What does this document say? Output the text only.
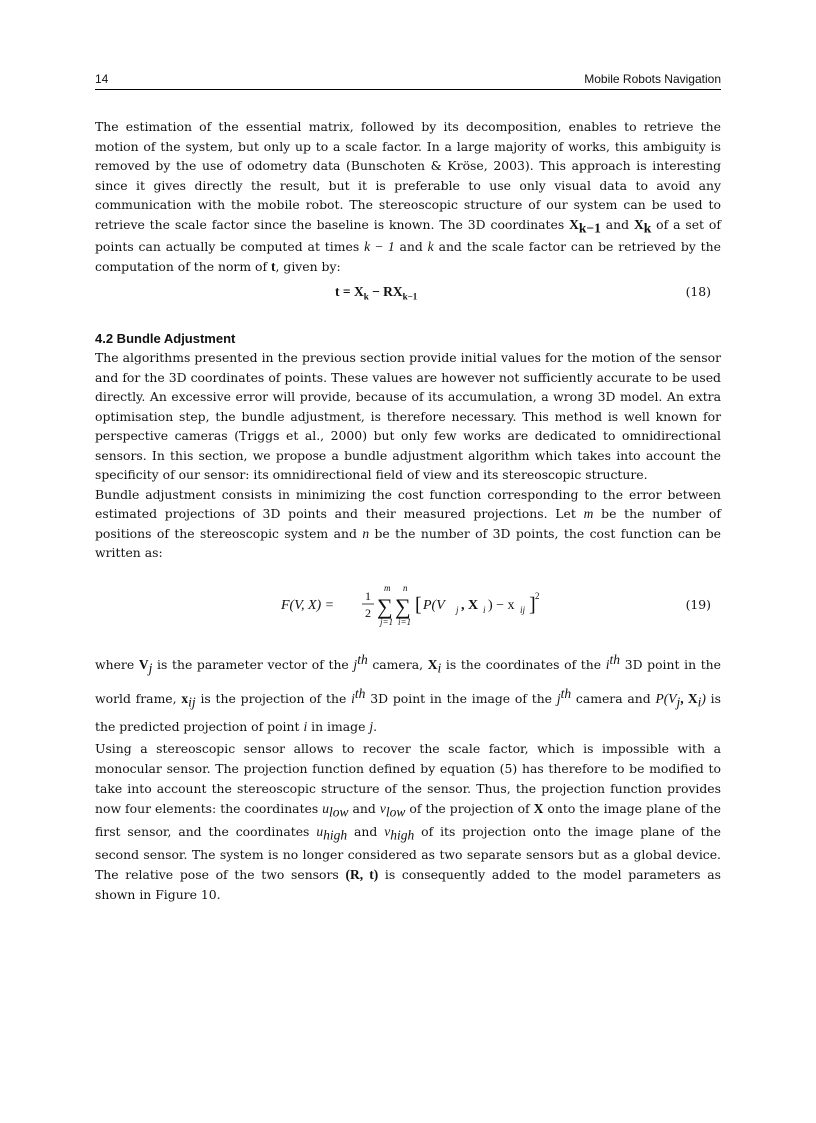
14	Mobile Robots Navigation

The estimation of the essential matrix, followed by its decomposition, enables to retrieve the motion of the system, but only up to a scale factor. In a large majority of works, this ambiguity is removed by the use of odometry data (Bunschoten & Kröse, 2003). This approach is interesting since it gives directly the result, but it is preferable to use only visual data to avoid any communication with the mobile robot. The stereoscopic structure of our system can be used to retrieve the scale factor since the baseline is known. The 3D coordinates $X_{k-1}$ and $X_k$ of a set of points can actually be computed at times k − 1 and k and the scale factor can be retrieved by the computation of the norm of t, given by:

$t = X_k - RX_{k-1}$	(18)
4.2 Bundle Adjustment

The algorithms presented in the previous section provide initial values for the motion of the sensor and for the 3D coordinates of points. These values are however not sufficiently accurate to be used directly. An excessive error will provide, because of its accumulation, a wrong 3D model. An extra optimisation step, the bundle adjustment, is therefore necessary. This method is well known for perspective cameras (Triggs et al., 2000) but only few works are dedicated to omnidirectional sensors. In this section, we propose a bundle adjustment algorithm which takes into account the specificity of our sensor: its omnidirectional field of view and its stereoscopic structure.

Bundle adjustment consists in minimizing the cost function corresponding to the error between estimated projections of 3D points and their measured projections. Let m be the number of positions of the stereoscopic system and n be the number of 3D points, the cost function can be written as:

F(V, X) =
1
2
m
∑
j=1
n
∑
i=1
[ P(V j , X i ) − x ij ] 2
(19)

where $V_j$ is the parameter vector of the $j^{th}$ camera, $X_i$ is the coordinates of the $i^{th}$ 3D point in the world frame, $x_{ij}$ is the projection of the $i^{th}$ 3D point in the image of the $j^{th}$ camera and $P(V_j$, $X_i$) is the predicted projection of point i in image j.

Using a stereoscopic sensor allows to recover the scale factor, which is impossible with a monocular sensor. The projection function defined by equation (5) has therefore to be modified to take into account the stereoscopic structure of the sensor. Thus, the projection function provides now four elements: the coordinates $u_{low}$ and $v_{low}$ of the projection of X onto the image plane of the first sensor, and the coordinates $u_{high}$ and $v_{high}$ of its projection onto the image plane of the second sensor. The system is no longer considered as two separate sensors but as a global device. The relative pose of the two sensors (R, t) is consequently added to the model parameters as shown in Figure 10.
